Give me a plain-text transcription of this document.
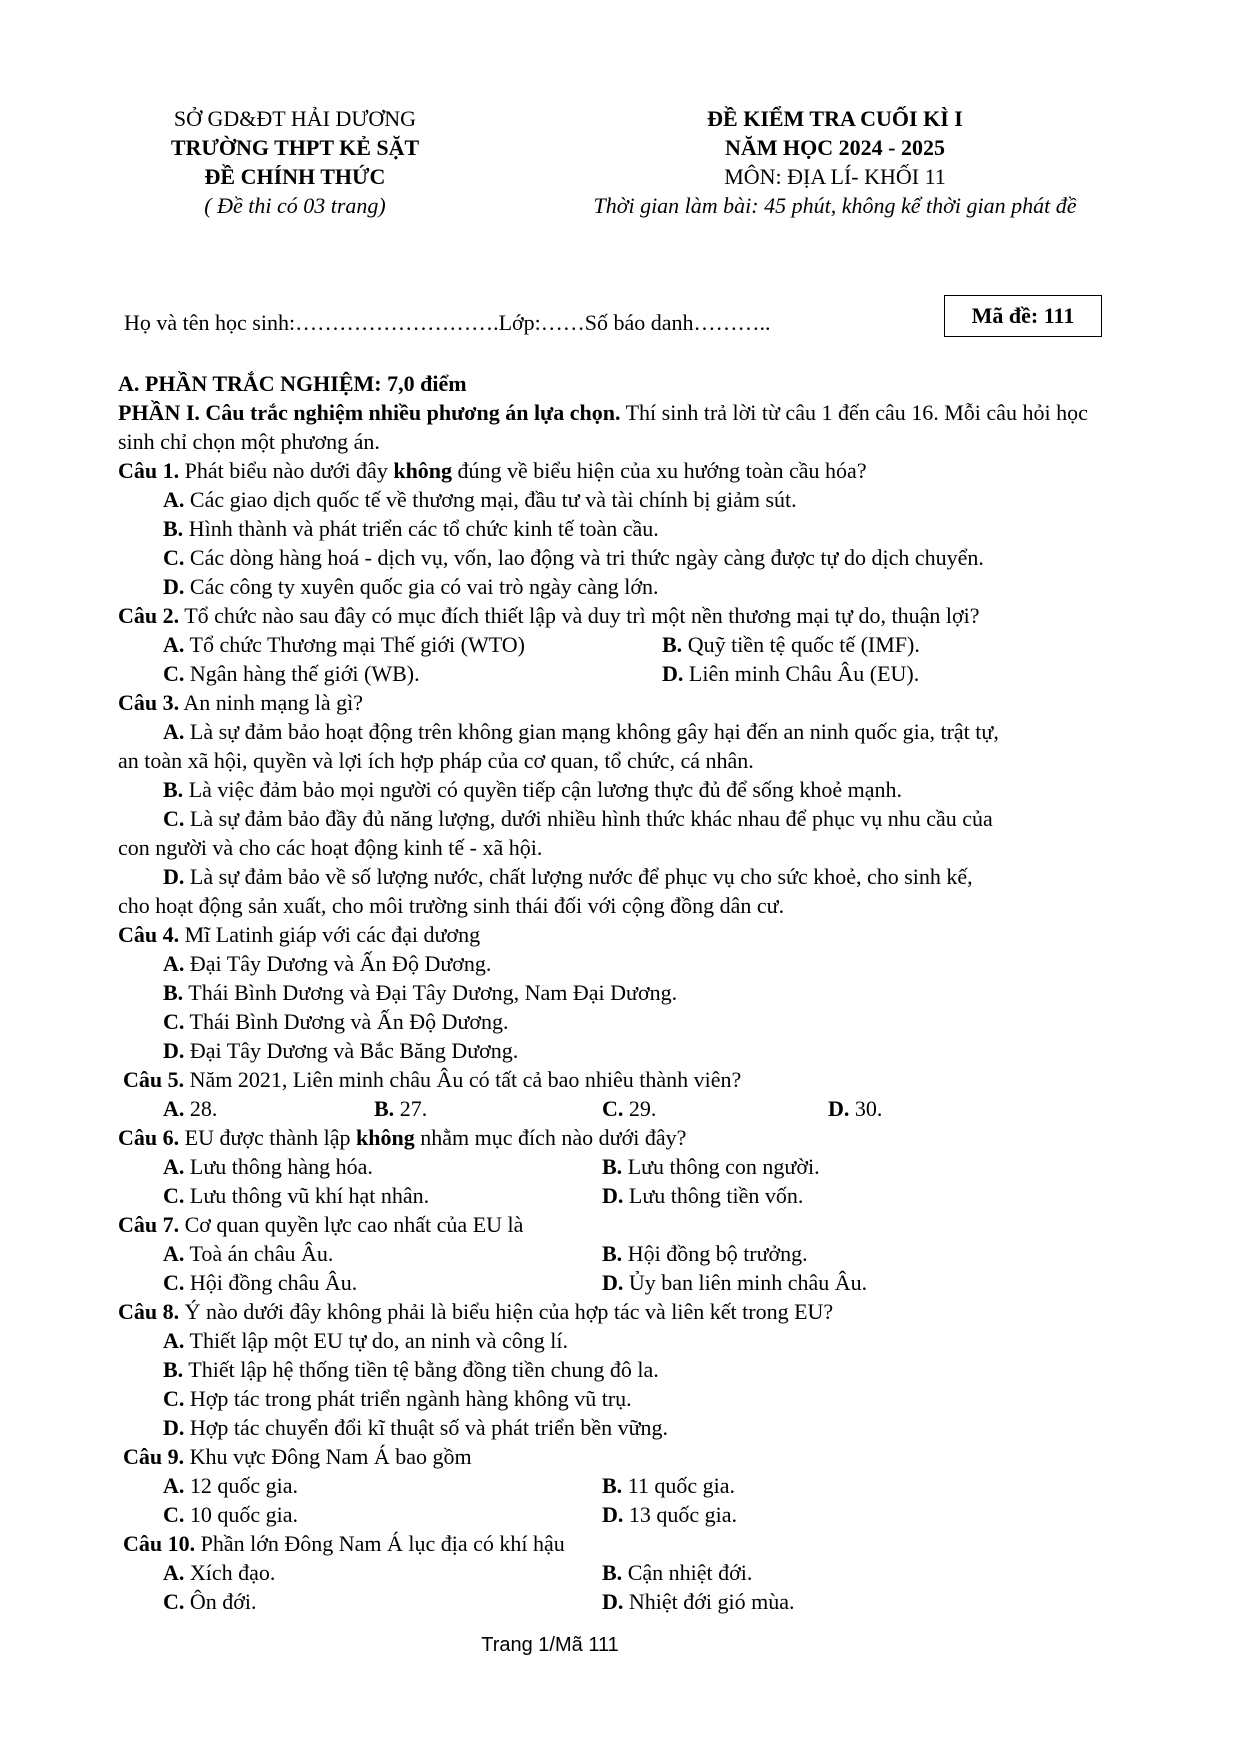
SỞ GD&ĐT HẢI DƯƠNG
TRƯỜNG THPT KẺ SẶT
ĐỀ CHÍNH THỨC
( Đề thi có 03 trang)
ĐỀ KIỂM TRA CUỐI KÌ I
NĂM HỌC 2024 - 2025
MÔN: ĐỊA LÍ- KHỐI 11
Thời gian làm bài: 45 phút, không kể thời gian phát đề
Họ và tên học sinh:……………………….Lớp:……Số báo danh………..	Mã đề: 111

A. PHẦN TRẮC NGHIỆM: 7,0 điểm

PHẦN I. Câu trắc nghiệm nhiều phương án lựa chọn. Thí sinh trả lời từ câu 1 đến câu 16. Mỗi câu hỏi học sinh chỉ chọn một phương án.

Câu 1. Phát biểu nào dưới đây không đúng về biểu hiện của xu hướng toàn cầu hóa?

A. Các giao dịch quốc tế về thương mại, đầu tư và tài chính bị giảm sút.

B. Hình thành và phát triển các tổ chức kinh tế toàn cầu.

C. Các dòng hàng hoá - dịch vụ, vốn, lao động và tri thức ngày càng được tự do dịch chuyển.

D. Các công ty xuyên quốc gia có vai trò ngày càng lớn.

Câu 2. Tổ chức nào sau đây có mục đích thiết lập và duy trì một nền thương mại tự do, thuận lợi?

A. Tổ chức Thương mại Thế giới (WTO)	B. Quỹ tiền tệ quốc tế (IMF).
C. Ngân hàng thế giới (WB).	D. Liên minh Châu Âu (EU).

Câu 3. An ninh mạng là gì?

A. Là sự đảm bảo hoạt động trên không gian mạng không gây hại đến an ninh quốc gia, trật tự,

an toàn xã hội, quyền và lợi ích hợp pháp của cơ quan, tổ chức, cá nhân.

B. Là việc đảm bảo mọi người có quyền tiếp cận lương thực đủ để sống khoẻ mạnh.

C. Là sự đảm bảo đầy đủ năng lượng, dưới nhiều hình thức khác nhau để phục vụ nhu cầu của

con người và cho các hoạt động kinh tế - xã hội.

D. Là sự đảm bảo về số lượng nước, chất lượng nước để phục vụ cho sức khoẻ, cho sinh kế,

cho hoạt động sản xuất, cho môi trường sinh thái đối với cộng đồng dân cư.

Câu 4. Mĩ Latinh giáp với các đại dương

A. Đại Tây Dương và Ấn Độ Dương.

B. Thái Bình Dương và Đại Tây Dương, Nam Đại Dương.

C. Thái Bình Dương và Ấn Độ Dương.

D. Đại Tây Dương và Bắc Băng Dương.

Câu 5. Năm 2021, Liên minh châu Âu có tất cả bao nhiêu thành viên?

A. 28.	B. 27.	C. 29.	D. 30.

Câu 6. EU được thành lập không nhằm mục đích nào dưới đây?

A. Lưu thông hàng hóa.	B. Lưu thông con người.
C. Lưu thông vũ khí hạt nhân.	D. Lưu thông tiền vốn.

Câu 7. Cơ quan quyền lực cao nhất của EU là

A. Toà án châu Âu.	B. Hội đồng bộ trưởng.
C. Hội đồng châu Âu.	D. Ủy ban liên minh châu Âu.

Câu 8. Ý nào dưới đây không phải là biểu hiện của hợp tác và liên kết trong EU?

A. Thiết lập một EU tự do, an ninh và công lí.

B. Thiết lập hệ thống tiền tệ bằng đồng tiền chung đô la.

C. Hợp tác trong phát triển ngành hàng không vũ trụ.

D. Hợp tác chuyển đổi kĩ thuật số và phát triển bền vững.

Câu 9. Khu vực Đông Nam Á bao gồm

A. 12 quốc gia.	B. 11 quốc gia.
C. 10 quốc gia.	D. 13 quốc gia.

Câu 10. Phần lớn Đông Nam Á lục địa có khí hậu

A. Xích đạo.	B. Cận nhiệt đới.
C. Ôn đới.	D. Nhiệt đới gió mùa.
Trang 1/Mã 111
